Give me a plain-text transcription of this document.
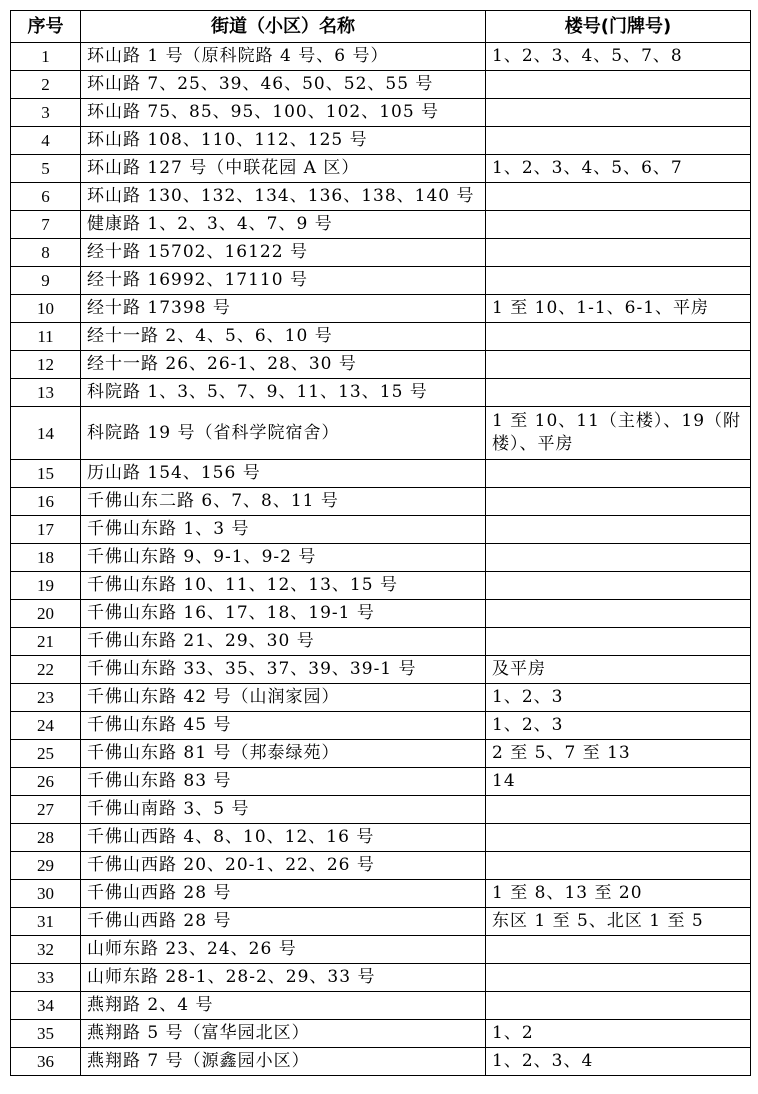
序号	街道（小区）名称	楼号(门牌号)
1	环山路 1 号（原科院路 4 号、6 号）	1、2、3、4、5、7、8
2	环山路 7、25、39、46、50、52、55 号	
3	环山路 75、85、95、100、102、105 号	
4	环山路 108、110、112、125 号	
5	环山路 127 号（中联花园 A 区）	1、2、3、4、5、6、7
6	环山路 130、132、134、136、138、140 号	
7	健康路 1、2、3、4、7、9 号	
8	经十路 15702、16122 号	
9	经十路 16992、17110 号	
10	经十路 17398 号	1 至 10、1-1、6-1、平房
11	经十一路 2、4、5、6、10 号	
12	经十一路 26、26-1、28、30 号	
13	科院路 1、3、5、7、9、11、13、15 号	
14	科院路 19 号（省科学院宿舍）	1 至 10、11（主楼）、19（附
楼）、平房

15	历山路 154、156 号	
16	千佛山东二路 6、7、8、11 号	
17	千佛山东路 1、3 号	
18	千佛山东路 9、9-1、9-2 号	
19	千佛山东路 10、11、12、13、15 号	
20	千佛山东路 16、17、18、19-1 号	
21	千佛山东路 21、29、30 号	
22	千佛山东路 33、35、37、39、39-1 号	及平房
23	千佛山东路 42 号（山润家园）	1、2、3
24	千佛山东路 45 号	1、2、3
25	千佛山东路 81 号（邦泰绿苑）	2 至 5、7 至 13
26	千佛山东路 83 号	14
27	千佛山南路 3、5 号	
28	千佛山西路 4、8、10、12、16 号	
29	千佛山西路 20、20-1、22、26 号	
30	千佛山西路 28 号	1 至 8、13 至 20
31	千佛山西路 28 号	东区 1 至 5、北区 1 至 5
32	山师东路 23、24、26 号	
33	山师东路 28-1、28-2、29、33 号	
34	燕翔路 2、4 号	
35	燕翔路 5 号（富华园北区）	1、2
36	燕翔路 7 号（源鑫园小区）	1、2、3、4
